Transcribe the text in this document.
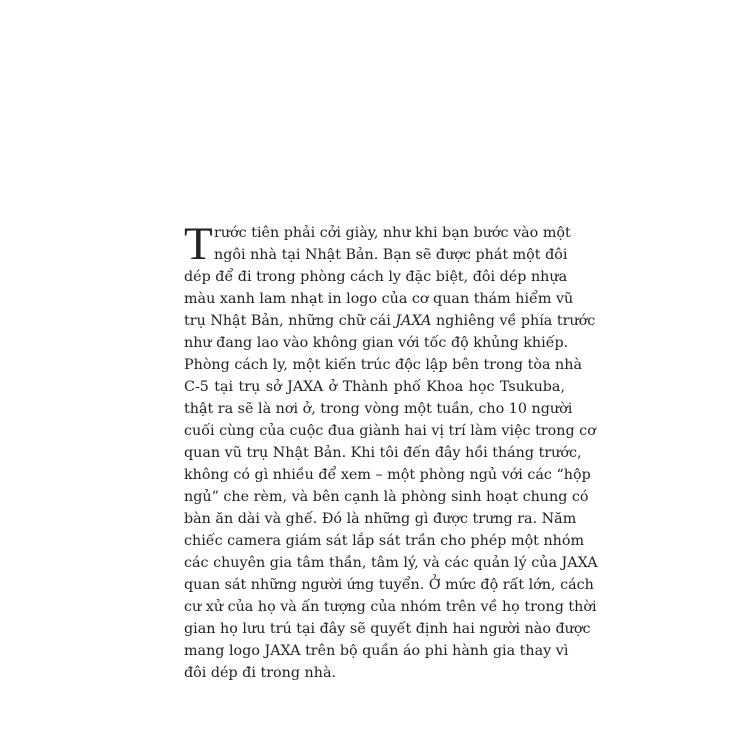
T rước tiên phải cởi giày, như khi bạn bước vào một
ngôi nhà tại Nhật Bản. Bạn sẽ được phát một đôi
dép để đi trong phòng cách ly đặc biệt, đôi dép nhựa
màu xanh lam nhạt in logo của cơ quan thám hiểm vũ
trụ Nhật Bản, những chữ cái JAXA nghiêng về phía trước
như đang lao vào không gian với tốc độ khủng khiếp.
Phòng cách ly, một kiến trúc độc lập bên trong tòa nhà
C-5 tại trụ sở JAXA ở Thành phố Khoa học Tsukuba,
thật ra sẽ là nơi ở, trong vòng một tuần, cho 10 người
cuối cùng của cuộc đua giành hai vị trí làm việc trong cơ
quan vũ trụ Nhật Bản. Khi tôi đến đây hồi tháng trước,
không có gì nhiều để xem – một phòng ngủ với các “hộp
ngủ” che rèm, và bên cạnh là phòng sinh hoạt chung có
bàn ăn dài và ghế. Đó là những gì được trưng ra. Năm
chiếc camera giám sát lắp sát trần cho phép một nhóm
các chuyên gia tâm thần, tâm lý, và các quản lý của JAXA
quan sát những người ứng tuyển. Ở mức độ rất lớn, cách
cư xử của họ và ấn tượng của nhóm trên về họ trong thời
gian họ lưu trú tại đây sẽ quyết định hai người nào được
mang logo JAXA trên bộ quần áo phi hành gia thay vì
đôi dép đi trong nhà.
